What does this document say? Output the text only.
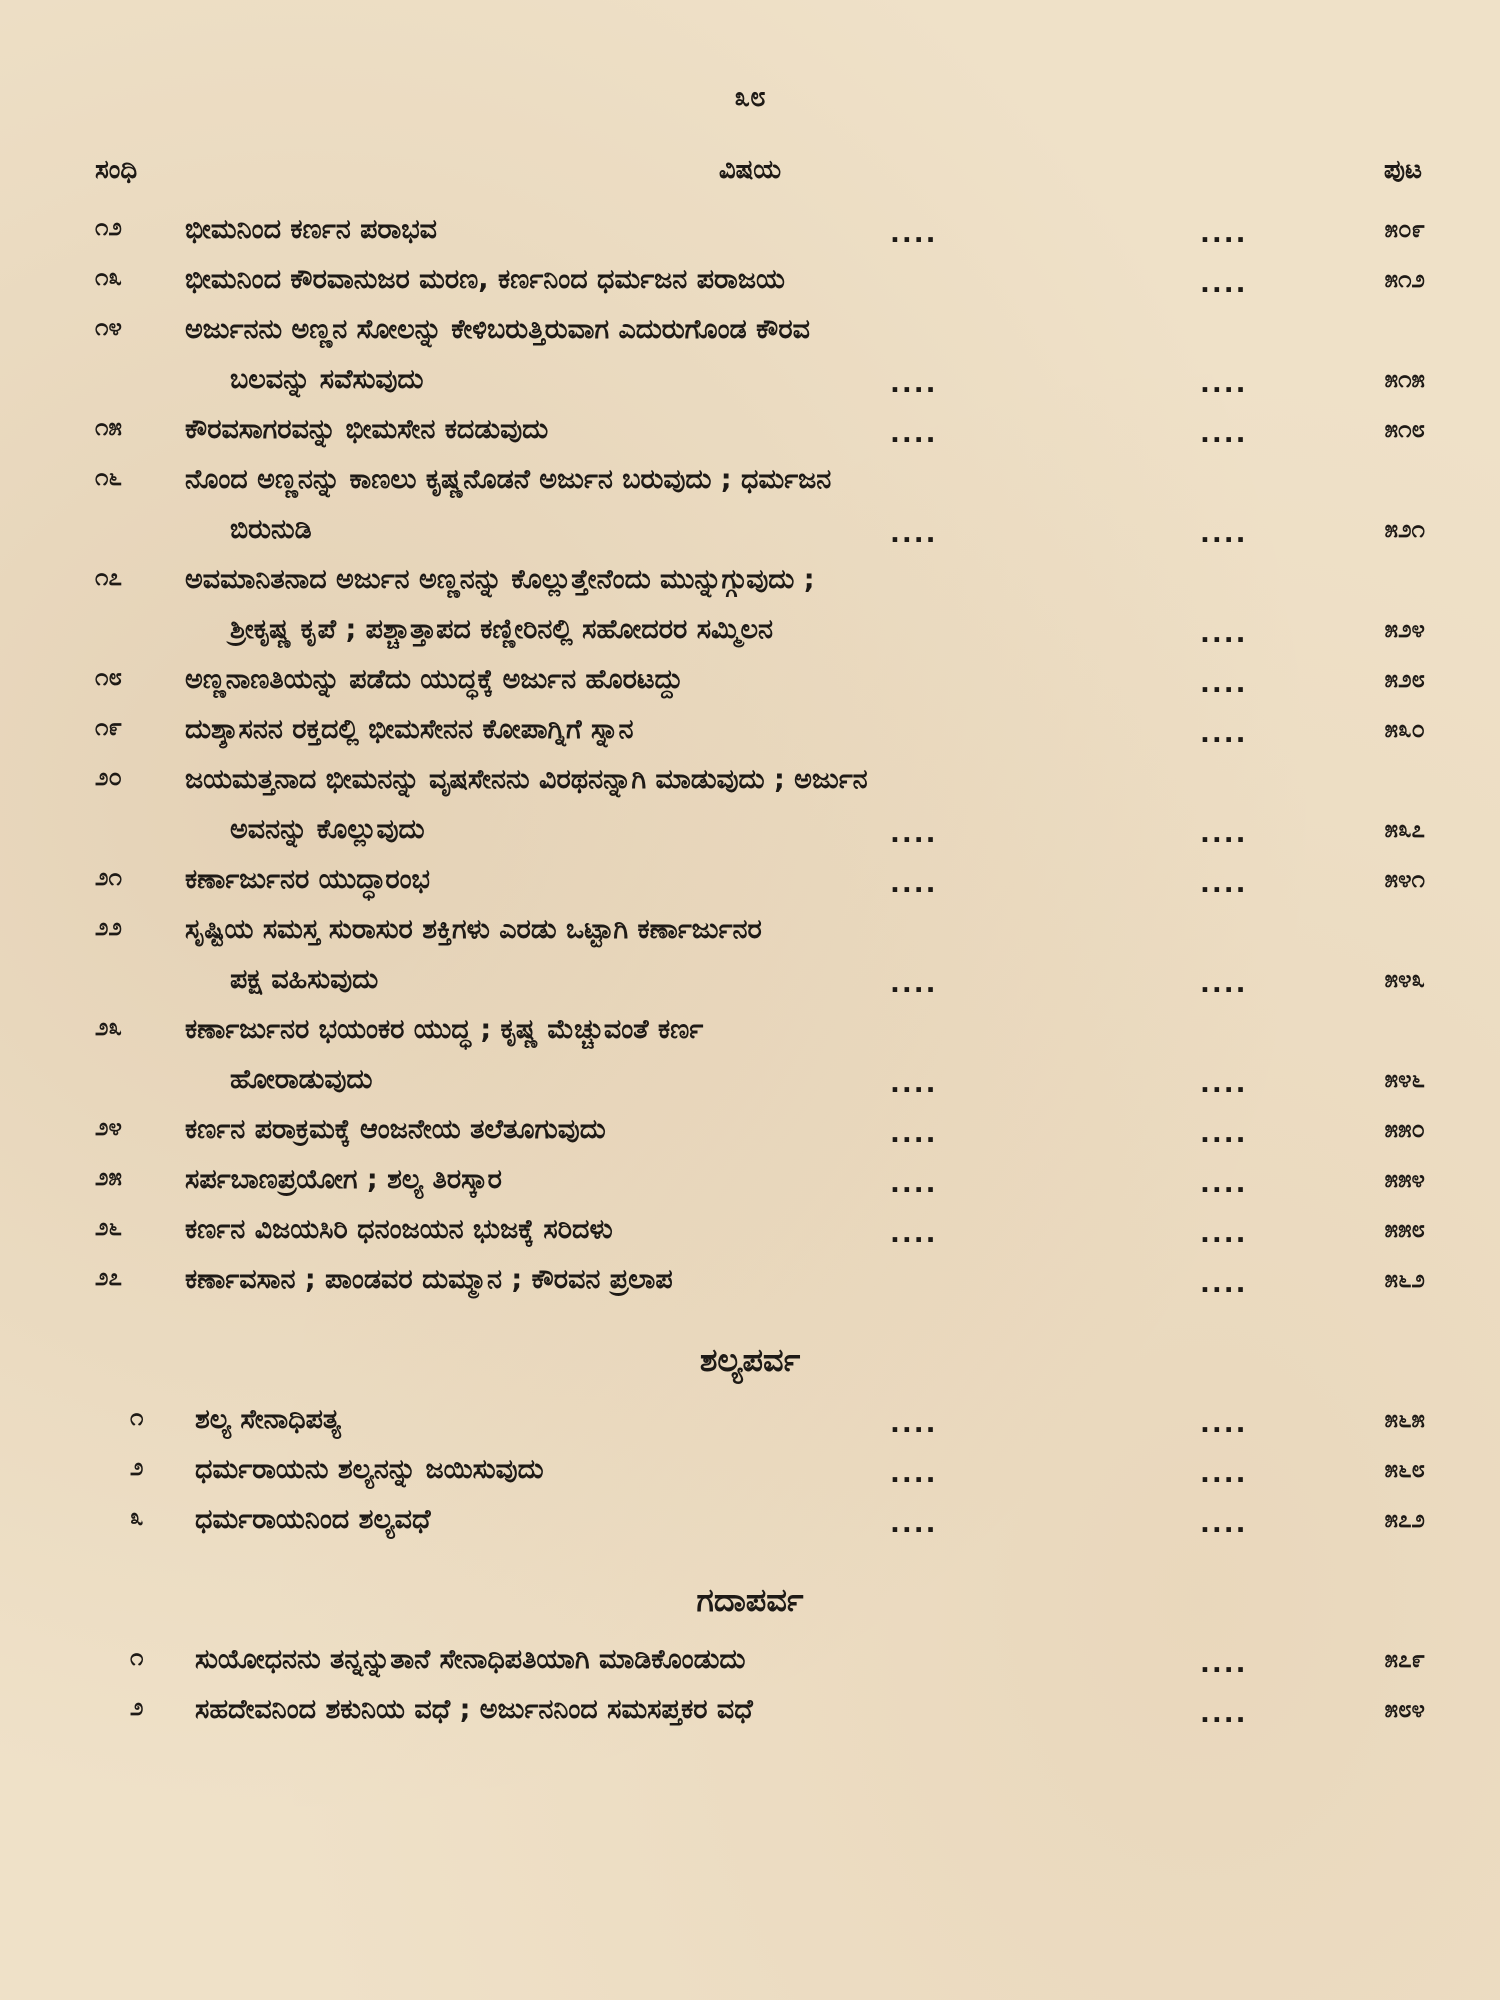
೩೮
ಸಂಧಿ	ವಿಷಯ	ಪುಟ
೧೨	ಭೀಮನಿಂದ ಕರ್ಣನ ಪರಾಭವ	....	....	೫೦೯
೧೩	ಭೀಮನಿಂದ ಕೌರವಾನುಜರ ಮರಣ, ಕರ್ಣನಿಂದ ಧರ್ಮಜನ ಪರಾಜಯ	....	೫೧೨
೧೪	ಅರ್ಜುನನು ಅಣ್ಣನ ಸೋಲನ್ನು ಕೇಳಿಬರುತ್ತಿರುವಾಗ ಎದುರುಗೊಂಡ ಕೌರವ
ಬಲವನ್ನು ಸವೆಸುವುದು	....	....	೫೧೫
೧೫	ಕೌರವಸಾಗರವನ್ನು ಭೀಮಸೇನ ಕದಡುವುದು	....	....	೫೧೮
೧೬	ನೊಂದ ಅಣ್ಣನನ್ನು ಕಾಣಲು ಕೃಷ್ಣನೊಡನೆ ಅರ್ಜುನ ಬರುವುದು ; ಧರ್ಮಜನ
ಬಿರುನುಡಿ	....	....	೫೨೧
೧೭	ಅವಮಾನಿತನಾದ ಅರ್ಜುನ ಅಣ್ಣನನ್ನು ಕೊಲ್ಲುತ್ತೇನೆಂದು ಮುನ್ನುಗ್ಗುವುದು ;
ಶ್ರೀಕೃಷ್ಣ ಕೃಪೆ ; ಪಶ್ಚಾತ್ತಾಪದ ಕಣ್ಣೀರಿನಲ್ಲಿ ಸಹೋದರರ ಸಮ್ಮಿಲನ	....	೫೨೪
೧೮	ಅಣ್ಣನಾಣತಿಯನ್ನು ಪಡೆದು ಯುದ್ಧಕ್ಕೆ ಅರ್ಜುನ ಹೊರಟದ್ದು	....	೫೨೮
೧೯	ದುಶ್ಶಾಸನನ ರಕ್ತದಲ್ಲಿ ಭೀಮಸೇನನ ಕೋಪಾಗ್ನಿಗೆ ಸ್ನಾನ	....	೫೩೦
೨೦	ಜಯಮತ್ತನಾದ ಭೀಮನನ್ನು ವೃಷಸೇನನು ವಿರಥನನ್ನಾಗಿ ಮಾಡುವುದು ; ಅರ್ಜುನ
ಅವನನ್ನು ಕೊಲ್ಲುವುದು	....	....	೫೩೭
೨೧	ಕರ್ಣಾರ್ಜುನರ ಯುದ್ಧಾರಂಭ	....	....	೫೪೧
೨೨	ಸೃಷ್ಟಿಯ ಸಮಸ್ತ ಸುರಾಸುರ ಶಕ್ತಿಗಳು ಎರಡು ಒಟ್ಟಾಗಿ ಕರ್ಣಾರ್ಜುನರ
ಪಕ್ಷ ವಹಿಸುವುದು	....	....	೫೪೩
೨೩	ಕರ್ಣಾರ್ಜುನರ ಭಯಂಕರ ಯುದ್ಧ ; ಕೃಷ್ಣ ಮೆಚ್ಚುವಂತೆ ಕರ್ಣ
ಹೋರಾಡುವುದು	....	....	೫೪೬
೨೪	ಕರ್ಣನ ಪರಾಕ್ರಮಕ್ಕೆ ಆಂಜನೇಯ ತಲೆತೂಗುವುದು	....	....	೫೫೦
೨೫	ಸರ್ಪಬಾಣಪ್ರಯೋಗ ; ಶಲ್ಯ ತಿರಸ್ಕಾರ	....	....	೫೫೪
೨೬	ಕರ್ಣನ ವಿಜಯಸಿರಿ ಧನಂಜಯನ ಭುಜಕ್ಕೆ ಸರಿದಳು	....	....	೫೫೮
೨೭	ಕರ್ಣಾವಸಾನ ; ಪಾಂಡವರ ದುಮ್ಮಾನ ; ಕೌರವನ ಪ್ರಲಾಪ	....	೫೬೨
ಶಲ್ಯಪರ್ವ
೧	ಶಲ್ಯ ಸೇನಾಧಿಪತ್ಯ	....	....	೫೬೫
೨	ಧರ್ಮರಾಯನು ಶಲ್ಯನನ್ನು ಜಯಿಸುವುದು	....	....	೫೬೮
೩	ಧರ್ಮರಾಯನಿಂದ ಶಲ್ಯವಧೆ	....	....	೫೭೨
ಗದಾಪರ್ವ
೧	ಸುಯೋಧನನು ತನ್ನನ್ನುತಾನೆ ಸೇನಾಧಿಪತಿಯಾಗಿ ಮಾಡಿಕೊಂಡುದು	....	೫೭೯
೨	ಸಹದೇವನಿಂದ ಶಕುನಿಯ ವಧೆ ; ಅರ್ಜುನನಿಂದ ಸಮಸಪ್ತಕರ ವಧೆ	....	೫೮೪
